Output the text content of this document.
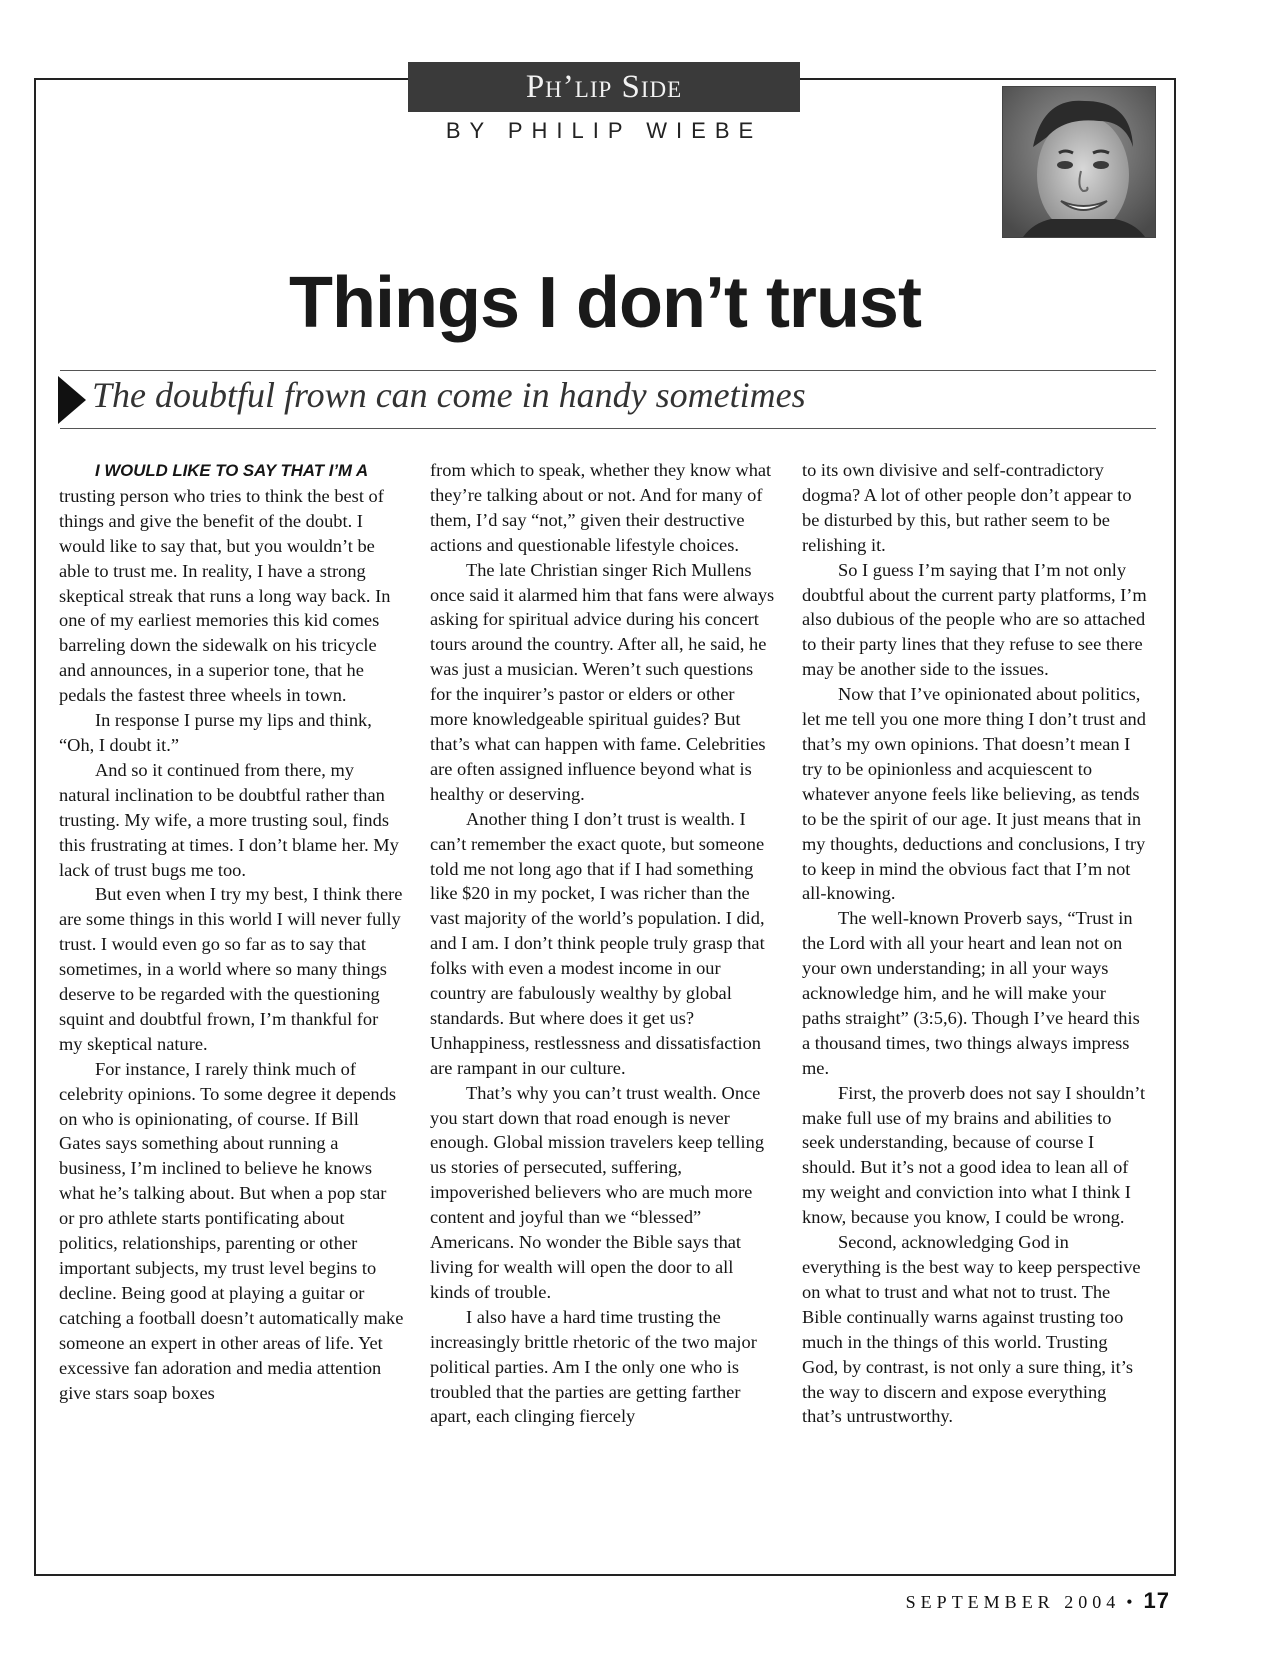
Ph’lip Side
BY PHILIP WIEBE
Things I don’t trust
The doubtful frown can come in handy sometimes

I WOULD LIKE TO SAY THAT I’M A
trusting person who tries to think the best of things and give the benefit of the doubt. I would like to say that, but you wouldn’t be able to trust me. In reality, I have a strong skeptical streak that runs a long way back. In one of my earliest memories this kid comes barreling down the sidewalk on his tricycle and announces, in a superior tone, that he pedals the fastest three wheels in town.

In response I purse my lips and think, “Oh, I doubt it.”

And so it continued from there, my natural inclination to be doubtful rather than trusting. My wife, a more trusting soul, finds this frustrating at times. I don’t blame her. My lack of trust bugs me too.

But even when I try my best, I think there are some things in this world I will never fully trust. I would even go so far as to say that sometimes, in a world where so many things deserve to be regarded with the questioning squint and doubtful frown, I’m thankful for my skeptical nature.

For instance, I rarely think much of celebrity opinions. To some degree it depends on who is opinionating, of course. If Bill Gates says something about running a business, I’m inclined to believe he knows what he’s talking about. But when a pop star or pro athlete starts pontificating about politics, relationships, parenting or other important subjects, my trust level begins to decline. Being good at playing a guitar or catching a football doesn’t automatically make someone an expert in other areas of life. Yet excessive fan adoration and media attention give stars soap boxes

from which to speak, whether they know what they’re talking about or not. And for many of them, I’d say “not,” given their destructive actions and questionable lifestyle choices.

The late Christian singer Rich Mullens once said it alarmed him that fans were always asking for spiritual advice during his concert tours around the country. After all, he said, he was just a musician. Weren’t such questions for the inquirer’s pastor or elders or other more knowledgeable spiritual guides? But that’s what can happen with fame. Celebrities are often assigned influence beyond what is healthy or deserving.

Another thing I don’t trust is wealth. I can’t remember the exact quote, but someone told me not long ago that if I had something like $20 in my pocket, I was richer than the vast majority of the world’s population. I did, and I am. I don’t think people truly grasp that folks with even a modest income in our country are fabulously wealthy by global standards. But where does it get us? Unhappiness, restlessness and dissatisfaction are rampant in our culture.

That’s why you can’t trust wealth. Once you start down that road enough is never enough. Global mission travelers keep telling us stories of persecuted, suffering, impoverished believers who are much more content and joyful than we “blessed” Americans. No wonder the Bible says that living for wealth will open the door to all kinds of trouble.

I also have a hard time trusting the increasingly brittle rhetoric of the two major political parties. Am I the only one who is troubled that the parties are getting farther apart, each clinging fiercely

to its own divisive and self-contradictory dogma? A lot of other people don’t appear to be disturbed by this, but rather seem to be relishing it.

So I guess I’m saying that I’m not only doubtful about the current party platforms, I’m also dubious of the people who are so attached to their party lines that they refuse to see there may be another side to the issues.

Now that I’ve opinionated about politics, let me tell you one more thing I don’t trust and that’s my own opinions. That doesn’t mean I try to be opinionless and acquiescent to whatever anyone feels like believing, as tends to be the spirit of our age. It just means that in my thoughts, deductions and conclusions, I try to keep in mind the obvious fact that I’m not all-knowing.

The well-known Proverb says, “Trust in the Lord with all your heart and lean not on your own understanding; in all your ways acknowledge him, and he will make your paths straight” (3:5,6). Though I’ve heard this a thousand times, two things always impress me.

First, the proverb does not say I shouldn’t make full use of my brains and abilities to seek understanding, because of course I should. But it’s not a good idea to lean all of my weight and conviction into what I think I know, because you know, I could be wrong.

Second, acknowledging God in everything is the best way to keep perspective on what to trust and what not to trust. The Bible continually warns against trusting too much in the things of this world. Trusting God, by contrast, is not only a sure thing, it’s the way to discern and expose everything that’s untrustworthy.

SEPTEMBER 2004 • 17
